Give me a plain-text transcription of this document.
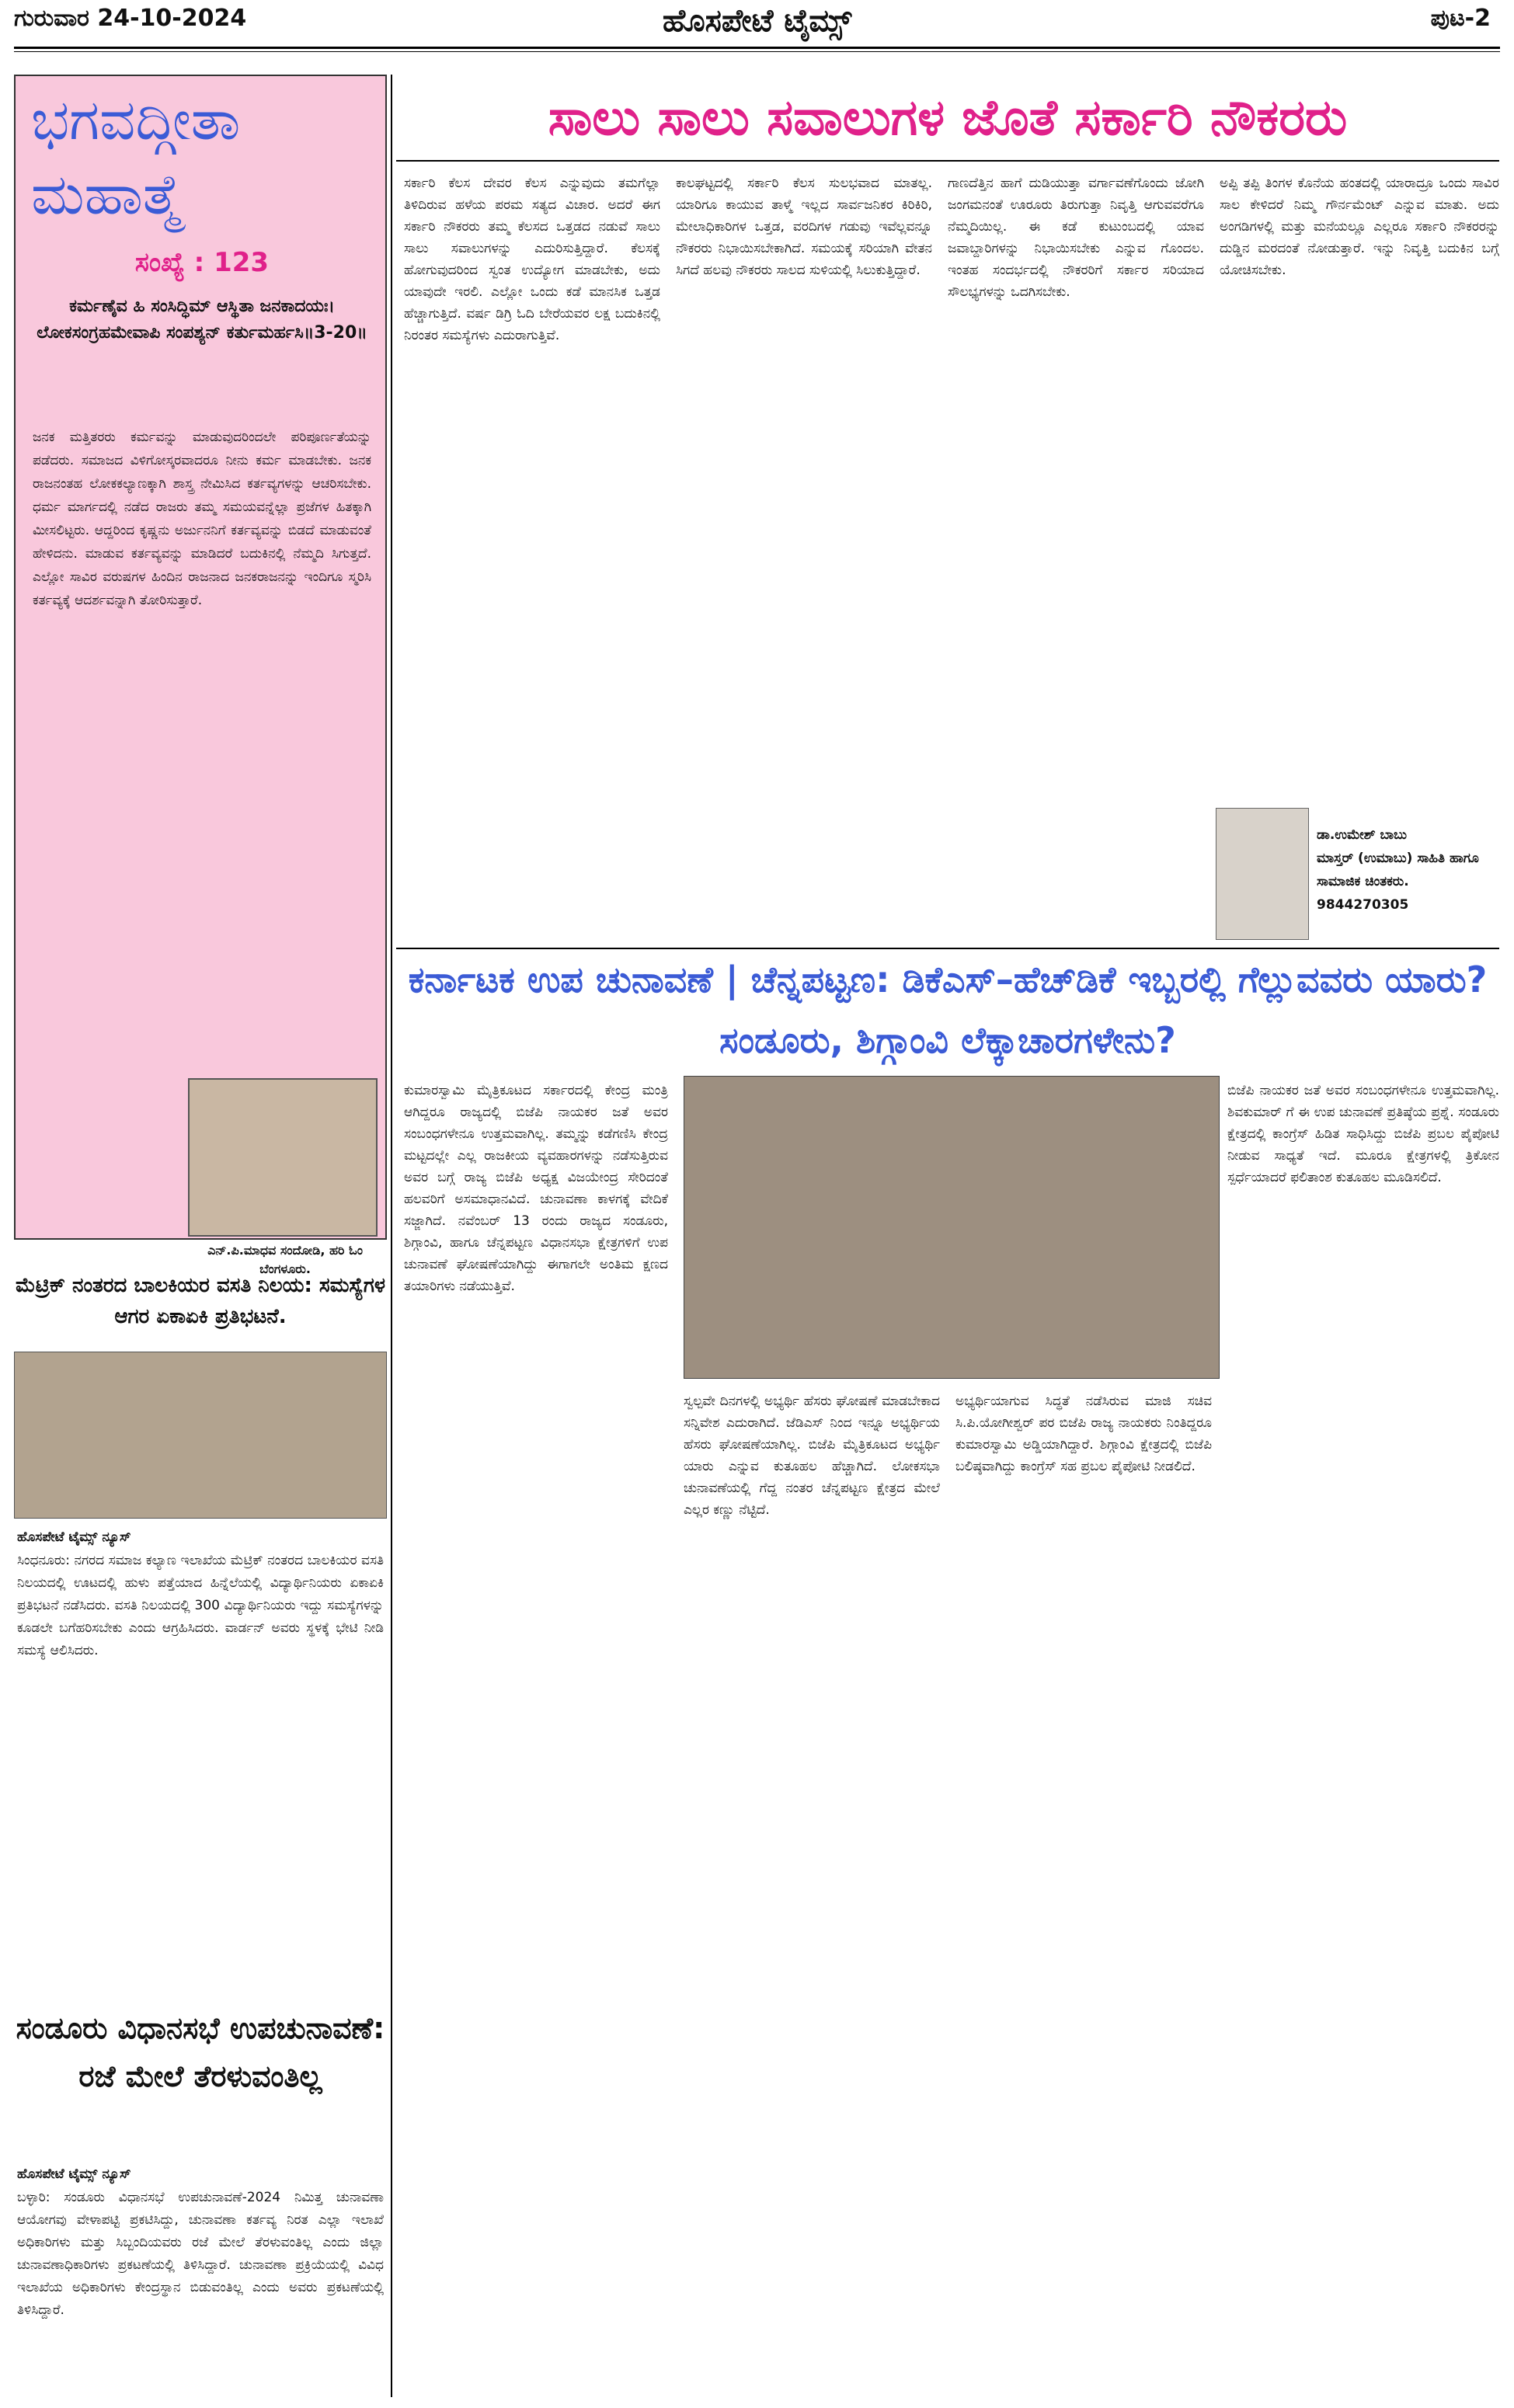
ಗುರುವಾರ 24-10-2024	ಹೊಸಪೇಟೆ ಟೈಮ್ಸ್	ಪುಟ-2
ಭಗವದ್ಗೀತಾ ಮಹಾತ್ಮೆ
ಸಂಖ್ಯೆ : 123
ಕರ್ಮಣೈವ ಹಿ ಸಂಸಿದ್ಧಿಮ್ ಆಸ್ಥಿತಾ ಜನಕಾದಯಃ। ಲೋಕಸಂಗ್ರಹಮೇವಾಪಿ ಸಂಪಶ್ಯನ್ ಕರ್ತುಮರ್ಹಸಿ॥3-20॥
ಜನಕ ಮತ್ತಿತರರು ಕರ್ಮವನ್ನು ಮಾಡುವುದರಿಂದಲೇ ಪರಿಪೂರ್ಣತೆಯನ್ನು ಪಡೆದರು. ಸಮಾಜದ ವಿಳಿಗೋಸ್ಕರವಾದರೂ ನೀನು ಕರ್ಮ ಮಾಡಬೇಕು. ಜನಕ ರಾಜನಂತಹ ಲೋಕಕಲ್ಯಾಣಕ್ಕಾಗಿ ಶಾಸ್ತ್ರ ನೇಮಿಸಿದ ಕರ್ತವ್ಯಗಳನ್ನು ಆಚರಿಸಬೇಕು. ಧರ್ಮ ಮಾರ್ಗದಲ್ಲಿ ನಡೆದ ರಾಜರು ತಮ್ಮ ಸಮಯವನ್ನೆಲ್ಲಾ ಪ್ರಜೆಗಳ ಹಿತಕ್ಕಾಗಿ ಮೀಸಲಿಟ್ಟರು. ಆದ್ದರಿಂದ ಕೃಷ್ಣನು ಅರ್ಜುನನಿಗೆ ಕರ್ತವ್ಯವನ್ನು ಬಿಡದೆ ಮಾಡುವಂತೆ ಹೇಳಿದನು. ಮಾಡುವ ಕರ್ತವ್ಯವನ್ನು ಮಾಡಿದರೆ ಬದುಕಿನಲ್ಲಿ ನೆಮ್ಮದಿ ಸಿಗುತ್ತದೆ. ಎಲ್ಲೋ ಸಾವಿರ ವರುಷಗಳ ಹಿಂದಿನ ರಾಜನಾದ ಜನಕರಾಜನನ್ನು ಇಂದಿಗೂ ಸ್ಮರಿಸಿ ಕರ್ತವ್ಯಕ್ಕೆ ಆದರ್ಶವನ್ನಾಗಿ ತೋರಿಸುತ್ತಾರೆ.
ಎನ್.ಪಿ.ಮಾಧವ ಸಂದೋಡಿ, ಹರಿ ಓಂ ಬೆಂಗಳೂರು.
ಮೆಟ್ರಿಕ್ ನಂತರದ ಬಾಲಕಿಯರ ವಸತಿ ನಿಲಯ: ಸಮಸ್ಯೆಗಳ ಆಗರ ಏಕಾಏಕಿ ಪ್ರತಿಭಟನೆ.
ಹೊಸಪೇಟೆ ಟೈಮ್ಸ್ ನ್ಯೂಸ್
ಸಿಂಧನೂರು: ನಗರದ ಸಮಾಜ ಕಲ್ಯಾಣ ಇಲಾಖೆಯ ಮೆಟ್ರಿಕ್ ನಂತರದ ಬಾಲಕಿಯರ ವಸತಿ ನಿಲಯದಲ್ಲಿ ಊಟದಲ್ಲಿ ಹುಳು ಪತ್ತೆಯಾದ ಹಿನ್ನೆಲೆಯಲ್ಲಿ ವಿದ್ಯಾರ್ಥಿನಿಯರು ಏಕಾಏಕಿ ಪ್ರತಿಭಟನೆ ನಡೆಸಿದರು. ವಸತಿ ನಿಲಯದಲ್ಲಿ 300 ವಿದ್ಯಾರ್ಥಿನಿಯರು ಇದ್ದು ಸಮಸ್ಯೆಗಳನ್ನು ಕೂಡಲೇ ಬಗೆಹರಿಸಬೇಕು ಎಂದು ಆಗ್ರಹಿಸಿದರು. ವಾರ್ಡನ್ ಅವರು ಸ್ಥಳಕ್ಕೆ ಭೇಟಿ ನೀಡಿ ಸಮಸ್ಯೆ ಆಲಿಸಿದರು.
ಸಂಡೂರು ವಿಧಾನಸಭೆ ಉಪಚುನಾವಣೆ: ರಜೆ ಮೇಲೆ ತೆರಳುವಂತಿಲ್ಲ
ಹೊಸಪೇಟೆ ಟೈಮ್ಸ್ ನ್ಯೂಸ್
ಬಳ್ಳಾರಿ: ಸಂಡೂರು ವಿಧಾನಸಭೆ ಉಪಚುನಾವಣೆ-2024 ನಿಮಿತ್ತ ಚುನಾವಣಾ ಆಯೋಗವು ವೇಳಾಪಟ್ಟಿ ಪ್ರಕಟಿಸಿದ್ದು, ಚುನಾವಣಾ ಕರ್ತವ್ಯ ನಿರತ ಎಲ್ಲಾ ಇಲಾಖೆ ಅಧಿಕಾರಿಗಳು ಮತ್ತು ಸಿಬ್ಬಂದಿಯವರು ರಜೆ ಮೇಲೆ ತೆರಳುವಂತಿಲ್ಲ ಎಂದು ಜಿಲ್ಲಾ ಚುನಾವಣಾಧಿಕಾರಿಗಳು ಪ್ರಕಟಣೆಯಲ್ಲಿ ತಿಳಿಸಿದ್ದಾರೆ. ಚುನಾವಣಾ ಪ್ರಕ್ರಿಯೆಯಲ್ಲಿ ವಿವಿಧ ಇಲಾಖೆಯ ಅಧಿಕಾರಿಗಳು ಕೇಂದ್ರಸ್ಥಾನ ಬಿಡುವಂತಿಲ್ಲ ಎಂದು ಅವರು ಪ್ರಕಟಣೆಯಲ್ಲಿ ತಿಳಿಸಿದ್ದಾರೆ.
ಸಾಲು ಸಾಲು ಸವಾಲುಗಳ ಜೊತೆ ಸರ್ಕಾರಿ ನೌಕರರು
ಸರ್ಕಾರಿ ಕೆಲಸ ದೇವರ ಕೆಲಸ ಎನ್ನುವುದು ತಮಗೆಲ್ಲಾ ತಿಳಿದಿರುವ ಹಳೆಯ ಪರಮ ಸತ್ಯದ ವಿಚಾರ. ಅದರೆ ಈಗ ಸರ್ಕಾರಿ ನೌಕರರು ತಮ್ಮ ಕೆಲಸದ ಒತ್ತಡದ ನಡುವೆ ಸಾಲು ಸಾಲು ಸವಾಲುಗಳನ್ನು ಎದುರಿಸುತ್ತಿದ್ದಾರೆ. ಕೆಲಸಕ್ಕೆ ಹೋಗುವುದರಿಂದ ಸ್ವಂತ ಉದ್ಯೋಗ ಮಾಡಬೇಕು, ಅದು ಯಾವುದೇ ಇರಲಿ. ಎಲ್ಲೋ ಒಂದು ಕಡೆ ಮಾನಸಿಕ ಒತ್ತಡ ಹೆಚ್ಚಾಗುತ್ತಿದೆ. ವರ್ಷ ಡಿಗ್ರಿ ಓದಿ ಬೇರೆಯವರ ಲಕ್ಷ ಬದುಕಿನಲ್ಲಿ ನಿರಂತರ ಸಮಸ್ಯೆಗಳು ಎದುರಾಗುತ್ತಿವೆ.
ಕಾಲಘಟ್ಟದಲ್ಲಿ ಸರ್ಕಾರಿ ಕೆಲಸ ಸುಲಭವಾದ ಮಾತಲ್ಲ. ಯಾರಿಗೂ ಕಾಯುವ ತಾಳ್ಮೆ ಇಲ್ಲದ ಸಾರ್ವಜನಿಕರ ಕಿರಿಕಿರಿ, ಮೇಲಾಧಿಕಾರಿಗಳ ಒತ್ತಡ, ವರದಿಗಳ ಗಡುವು ಇವೆಲ್ಲವನ್ನೂ ನೌಕರರು ನಿಭಾಯಿಸಬೇಕಾಗಿದೆ. ಸಮಯಕ್ಕೆ ಸರಿಯಾಗಿ ವೇತನ ಸಿಗದೆ ಹಲವು ನೌಕರರು ಸಾಲದ ಸುಳಿಯಲ್ಲಿ ಸಿಲುಕುತ್ತಿದ್ದಾರೆ.
ಗಾಣದೆತ್ತಿನ ಹಾಗೆ ದುಡಿಯುತ್ತಾ ವರ್ಗಾವಣೆಗೊಂದು ಜೋಗಿ ಜಂಗಮನಂತೆ ಊರೂರು ತಿರುಗುತ್ತಾ ನಿವೃತ್ತಿ ಆಗುವವರೆಗೂ ನೆಮ್ಮದಿಯಿಲ್ಲ. ಈ ಕಡೆ ಕುಟುಂಬದಲ್ಲಿ ಯಾವ ಜವಾಬ್ದಾರಿಗಳನ್ನು ನಿಭಾಯಿಸಬೇಕು ಎನ್ನುವ ಗೊಂದಲ. ಇಂತಹ ಸಂದರ್ಭದಲ್ಲಿ ನೌಕರರಿಗೆ ಸರ್ಕಾರ ಸರಿಯಾದ ಸೌಲಭ್ಯಗಳನ್ನು ಒದಗಿಸಬೇಕು.
ಅಪ್ಪಿ ತಪ್ಪಿ ತಿಂಗಳ ಕೊನೆಯ ಹಂತದಲ್ಲಿ ಯಾರಾದ್ರೂ ಒಂದು ಸಾವಿರ ಸಾಲ ಕೇಳಿದರೆ ನಿಮ್ಮ ಗೌರ್ನಮೆಂಟ್ ಎನ್ನುವ ಮಾತು. ಅದು ಅಂಗಡಿಗಳಲ್ಲಿ ಮತ್ತು ಮನೆಯಲ್ಲೂ ಎಲ್ಲರೂ ಸರ್ಕಾರಿ ನೌಕರರನ್ನು ದುಡ್ಡಿನ ಮರದಂತೆ ನೋಡುತ್ತಾರೆ. ಇನ್ನು ನಿವೃತ್ತಿ ಬದುಕಿನ ಬಗ್ಗೆ ಯೋಚಿಸಬೇಕು.
ಡಾ.ಉಮೇಶ್ ಬಾಬು
ಮಾಸ್ತರ್ (ಉಮಾಬು) ಸಾಹಿತಿ ಹಾಗೂ ಸಾಮಾಜಿಕ ಚಿಂತಕರು.
9844270305
ಕರ್ನಾಟಕ ಉಪ ಚುನಾವಣೆ | ಚೆನ್ನಪಟ್ಟಣ: ಡಿಕೆಎಸ್–ಹೆಚ್‌ಡಿಕೆ ಇಬ್ಬರಲ್ಲಿ ಗೆಲ್ಲುವವರು ಯಾರು? ಸಂಡೂರು, ಶಿಗ್ಗಾಂವಿ ಲೆಕ್ಕಾಚಾರಗಳೇನು?
ಕುಮಾರಸ್ವಾಮಿ ಮೈತ್ರಿಕೂಟದ ಸರ್ಕಾರದಲ್ಲಿ ಕೇಂದ್ರ ಮಂತ್ರಿ ಆಗಿದ್ದರೂ ರಾಜ್ಯದಲ್ಲಿ ಬಿಜೆಪಿ ನಾಯಕರ ಜತೆ ಅವರ ಸಂಬಂಧಗಳೇನೂ ಉತ್ತಮವಾಗಿಲ್ಲ. ತಮ್ಮನ್ನು ಕಡೆಗಣಿಸಿ ಕೇಂದ್ರ ಮಟ್ಟದಲ್ಲೇ ಎಲ್ಲ ರಾಜಕೀಯ ವ್ಯವಹಾರಗಳನ್ನು ನಡೆಸುತ್ತಿರುವ ಅವರ ಬಗ್ಗೆ ರಾಜ್ಯ ಬಿಜೆಪಿ ಅಧ್ಯಕ್ಷ ವಿಜಯೇಂದ್ರ ಸೇರಿದಂತೆ ಹಲವರಿಗೆ ಅಸಮಾಧಾನವಿದೆ. ಚುನಾವಣಾ ಕಾಳಗಕ್ಕೆ ವೇದಿಕೆ ಸಜ್ಜಾಗಿದೆ. ನವೆಂಬರ್ 13 ರಂದು ರಾಜ್ಯದ ಸಂಡೂರು, ಶಿಗ್ಗಾಂವಿ, ಹಾಗೂ ಚೆನ್ನಪಟ್ಟಣ ವಿಧಾನಸಭಾ ಕ್ಷೇತ್ರಗಳಿಗೆ ಉಪ ಚುನಾವಣೆ ಘೋಷಣೆಯಾಗಿದ್ದು ಈಗಾಗಲೇ ಅಂತಿಮ ಕ್ಷಣದ ತಯಾರಿಗಳು ನಡೆಯುತ್ತಿವೆ.
ಸ್ವಲ್ಪವೇ ದಿನಗಳಲ್ಲಿ ಅಭ್ಯರ್ಥಿ ಹೆಸರು ಘೋಷಣೆ ಮಾಡಬೇಕಾದ ಸನ್ನಿವೇಶ ಎದುರಾಗಿದೆ. ಜೆಡಿಎಸ್ ನಿಂದ ಇನ್ನೂ ಅಭ್ಯರ್ಥಿಯ ಹೆಸರು ಘೋಷಣೆಯಾಗಿಲ್ಲ. ಬಿಜೆಪಿ ಮೈತ್ರಿಕೂಟದ ಅಭ್ಯರ್ಥಿ ಯಾರು ಎನ್ನುವ ಕುತೂಹಲ ಹೆಚ್ಚಾಗಿದೆ. ಲೋಕಸಭಾ ಚುನಾವಣೆಯಲ್ಲಿ ಗೆದ್ದ ನಂತರ ಚೆನ್ನಪಟ್ಟಣ ಕ್ಷೇತ್ರದ ಮೇಲೆ ಎಲ್ಲರ ಕಣ್ಣು ನೆಟ್ಟಿದೆ.
ಅಭ್ಯರ್ಥಿಯಾಗುವ ಸಿದ್ಧತೆ ನಡೆಸಿರುವ ಮಾಜಿ ಸಚಿವ ಸಿ.ಪಿ.ಯೋಗೀಶ್ವರ್ ಪರ ಬಿಜೆಪಿ ರಾಜ್ಯ ನಾಯಕರು ನಿಂತಿದ್ದರೂ ಕುಮಾರಸ್ವಾಮಿ ಅಡ್ಡಿಯಾಗಿದ್ದಾರೆ. ಶಿಗ್ಗಾಂವಿ ಕ್ಷೇತ್ರದಲ್ಲಿ ಬಿಜೆಪಿ ಬಲಿಷ್ಠವಾಗಿದ್ದು ಕಾಂಗ್ರೆಸ್ ಸಹ ಪ್ರಬಲ ಪೈಪೋಟಿ ನೀಡಲಿದೆ.
ಬಿಜೆಪಿ ನಾಯಕರ ಜತೆ ಅವರ ಸಂಬಂಧಗಳೇನೂ ಉತ್ತಮವಾಗಿಲ್ಲ. ಶಿವಕುಮಾರ್ ಗೆ ಈ ಉಪ ಚುನಾವಣೆ ಪ್ರತಿಷ್ಠೆಯ ಪ್ರಶ್ನೆ. ಸಂಡೂರು ಕ್ಷೇತ್ರದಲ್ಲಿ ಕಾಂಗ್ರೆಸ್ ಹಿಡಿತ ಸಾಧಿಸಿದ್ದು ಬಿಜೆಪಿ ಪ್ರಬಲ ಪೈಪೋಟಿ ನೀಡುವ ಸಾಧ್ಯತೆ ಇದೆ. ಮೂರೂ ಕ್ಷೇತ್ರಗಳಲ್ಲಿ ತ್ರಿಕೋನ ಸ್ಪರ್ಧೆಯಾದರೆ ಫಲಿತಾಂಶ ಕುತೂಹಲ ಮೂಡಿಸಲಿದೆ.
